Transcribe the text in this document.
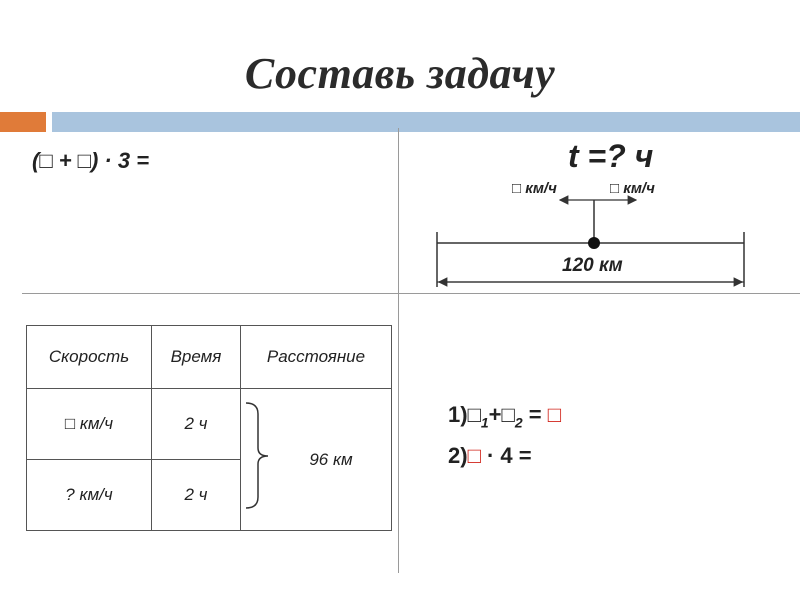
Составь задачу
(□ + □) · 3 =	t =? ч
□ км/ч	□ км/ч
120 км
Скорость	Время	Расстояние
□ км/ч	2 ч	96 км

? км/ч	2 ч	
$1)□_1+□_2$ = □
2)□ · 4 =
